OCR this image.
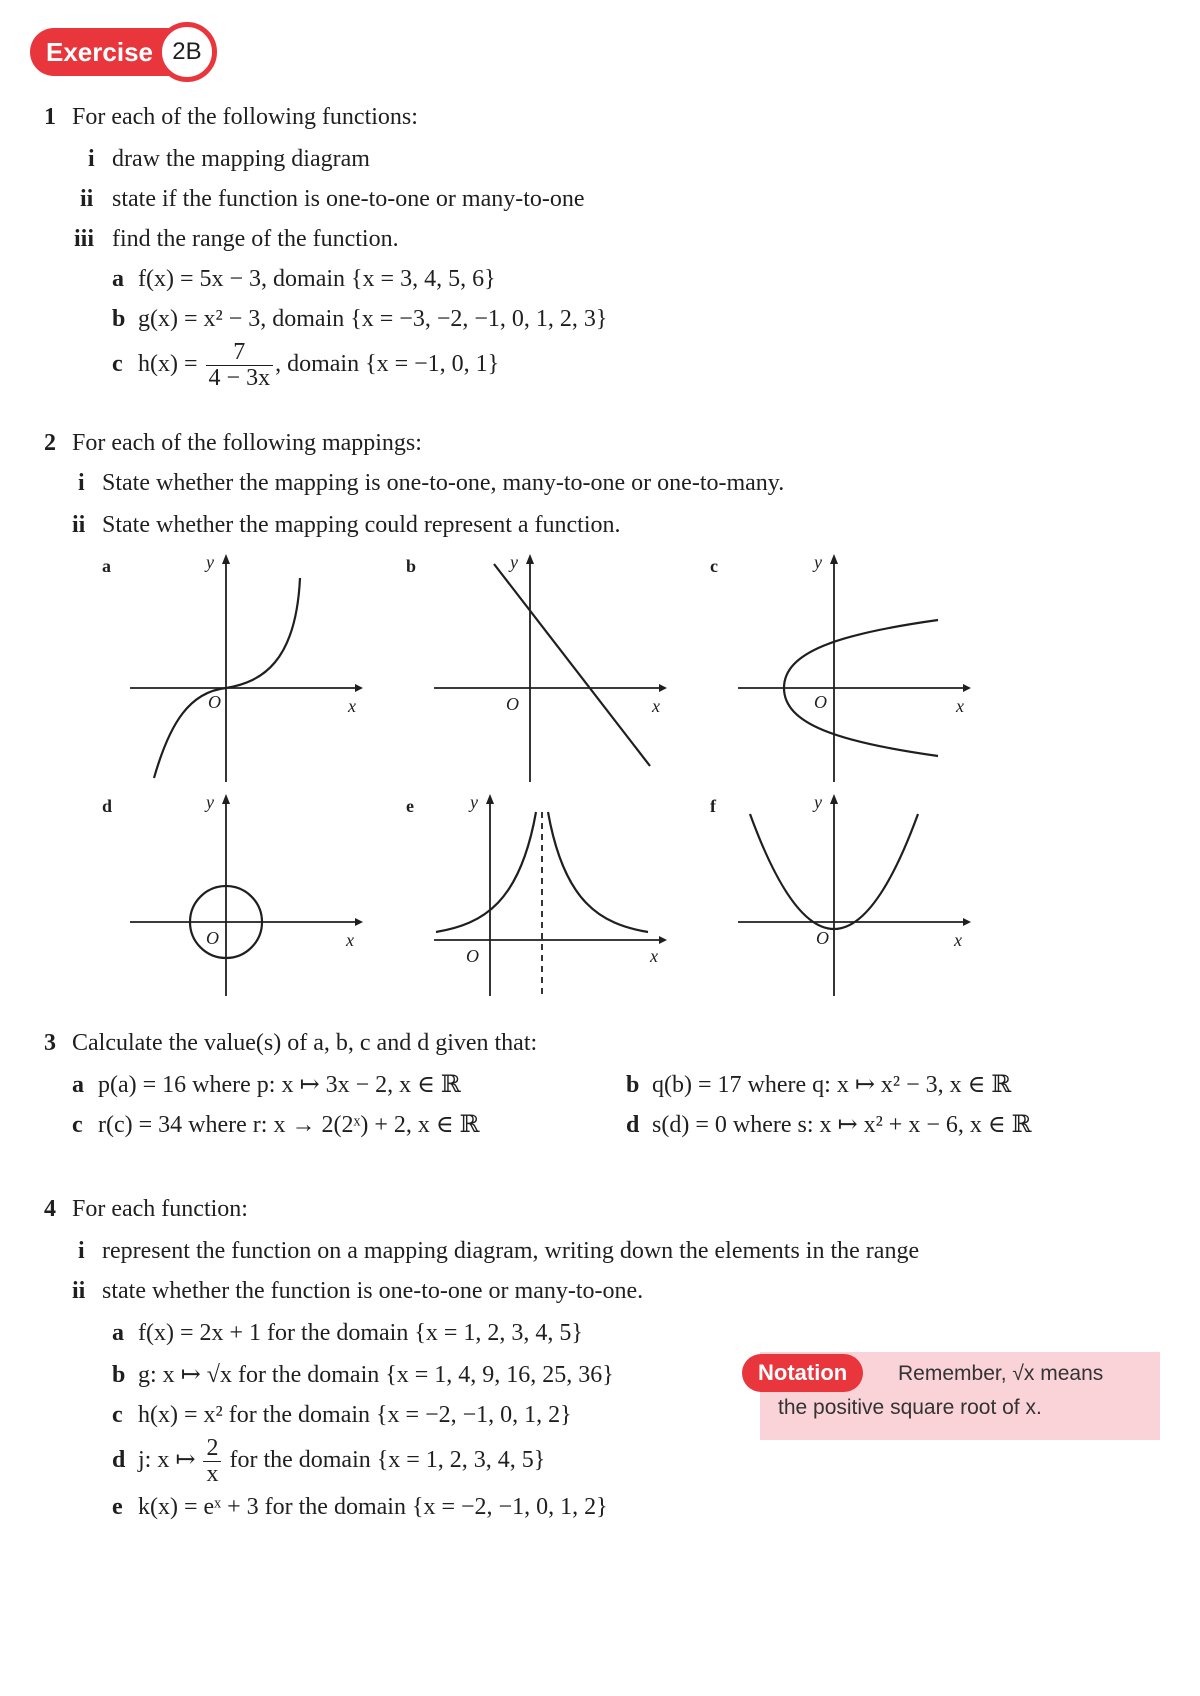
Exercise 2B
1 For each of the following functions:
i draw the mapping diagram
ii state if the function is one-to-one or many-to-one
iii find the range of the function.
a f(x) = 5x − 3, domain {x = 3, 4, 5, 6}
b g(x) = x² − 3, domain {x = −3, −2, −1, 0, 1, 2, 3}
c $h(x) = \frac{7}{4 - 3x}$ , domain {x = −1, 0, 1}
2 For each of the following mappings:
i State whether the mapping is one-to-one, many-to-one or one-to-many.
ii State whether the mapping could represent a function.
a	b	c
d	e	f
y
x
O
y
x
O
y
x
O
y
x
O
y
x
O
y
x
O
3 Calculate the value(s) of a, b, c and d given that:
a p(a) = 16 where p: x ↦ 3x − 2, x ∈ ℝ	b q(b) = 17 where q: x ↦ x² − 3, x ∈ ℝ
c r(c) = 34 where r: x → 2(2ˣ) + 2, x ∈ ℝ	d s(d) = 0 where s: x ↦ x² + x − 6, x ∈ ℝ
4 For each function:
i represent the function on a mapping diagram, writing down the elements in the range
ii state whether the function is one-to-one or many-to-one.
a f(x) = 2x + 1 for the domain {x = 1, 2, 3, 4, 5}
b g: x ↦ √x for the domain {x = 1, 4, 9, 16, 25, 36}
c h(x) = x² for the domain {x = −2, −1, 0, 1, 2}
d j: x ↦ $\frac{2}{x}$ for the domain {x = 1, 2, 3, 4, 5}
e k(x) = eˣ + 3 for the domain {x = −2, −1, 0, 1, 2}
Notation	Remember, √x means
the positive square root of x.
